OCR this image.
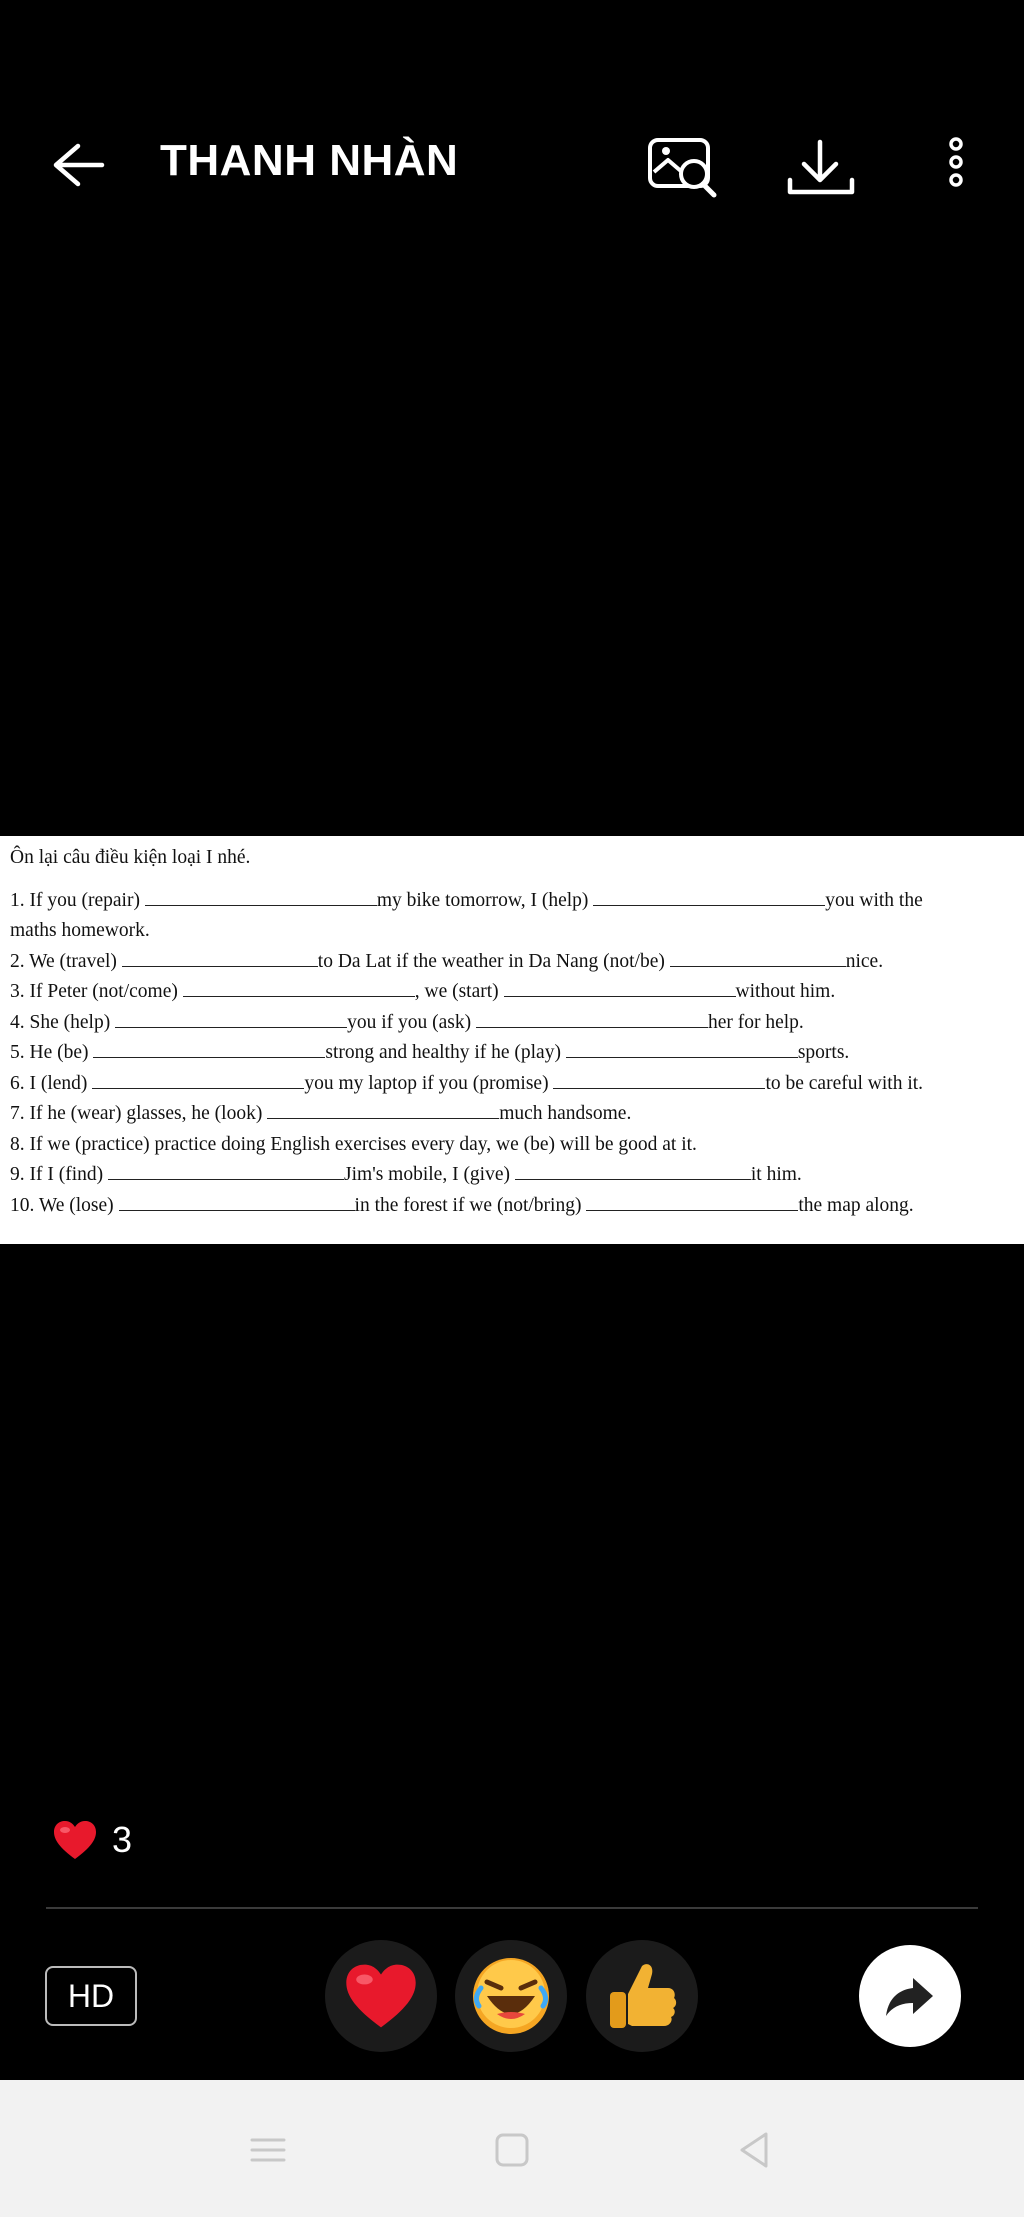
THANH NHÀN
Ôn lại câu điều kiện loại I nhé.
1. If you (repair)	my bike tomorrow, I (help)	you with the
maths homework.
2. We (travel)	to Da Lat if the weather in Da Nang (not/be)	nice.
3. If Peter (not/come)	, we (start)	without him.
4. She (help)	you if you (ask)	her for help.
5. He (be)	strong and healthy if he (play)	sports.
6. I (lend)	you my laptop if you (promise)	to be careful with it.
7. If he (wear) glasses, he (look)	much handsome.
8. If we (practice) practice doing English exercises every day, we (be) will be good at it.
9. If I (find)	Jim's mobile, I (give)	it him.
10. We (lose)	in the forest if we (not/bring)	the map along.
3
HD
